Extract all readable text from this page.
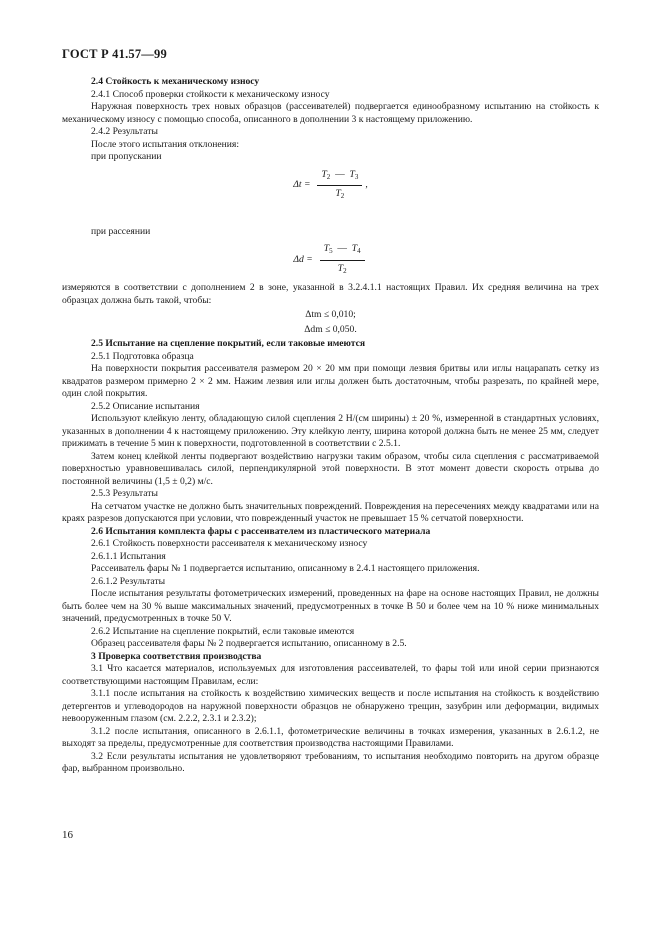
ГОСТ Р 41.57—99

2.4 Стойкость к механическому износу

2.4.1 Способ проверки стойкости к механическому износу

Наружная поверхность трех новых образцов (рассеивателей) подвергается единообразному испытанию на стойкость к механическому износу с помощью способа, описанного в дополнении 3 к настоящему приложению.

2.4.2 Результаты

После этого испытания отклонения:

при пропускании

$\Delta t = \frac{T_2 — T_3}{T_2}$ ,

при рассеянии

$\Delta d = \frac{T_5 — T_4}{T_2}$

измеряются в соответствии с дополнением 2 в зоне, указанной в 3.2.4.1.1 настоящих Правил. Их средняя величина на трех образцах должна быть такой, чтобы:

Δtm ≤ 0,010;
Δdm ≤ 0,050.

2.5 Испытание на сцепление покрытий, если таковые имеются

2.5.1 Подготовка образца

На поверхности покрытия рассеивателя размером 20 × 20 мм при помощи лезвия бритвы или иглы нацарапать сетку из квадратов размером примерно 2 × 2 мм. Нажим лезвия или иглы должен быть достаточным, чтобы разрезать, по крайней мере, один слой покрытия.

2.5.2 Описание испытания

Используют клейкую ленту, обладающую силой сцепления 2 Н/(см ширины) ± 20 %, измеренной в стандартных условиях, указанных в дополнении 4 к настоящему приложению. Эту клейкую ленту, ширина которой должна быть не менее 25 мм, следует прижимать в течение 5 мин к поверхности, подготовленной в соответствии с 2.5.1.

Затем конец клейкой ленты подвергают воздействию нагрузки таким образом, чтобы сила сцепления с рассматриваемой поверхностью уравновешивалась силой, перпендикулярной этой поверхности. В этот момент довести скорость отрыва до постоянной величины (1,5 ± 0,2) м/с.

2.5.3 Результаты

На сетчатом участке не должно быть значительных повреждений. Повреждения на пересечениях между квадратами или на краях разрезов допускаются при условии, что поврежденный участок не превышает 15 % сетчатой поверхности.

2.6 Испытания комплекта фары с рассеивателем из пластического материала

2.6.1 Стойкость поверхности рассеивателя к механическому износу

2.6.1.1 Испытания

Рассеиватель фары № 1 подвергается испытанию, описанному в 2.4.1 настоящего приложения.

2.6.1.2 Результаты

После испытания результаты фотометрических измерений, проведенных на фаре на основе настоящих Правил, не должны быть более чем на 30 % выше максимальных значений, предусмотренных в точке B 50 и более чем на 10 % ниже минимальных значений, предусмотренных в точке 50 V.

2.6.2 Испытание на сцепление покрытий, если таковые имеются

Образец рассеивателя фары № 2 подвергается испытанию, описанному в 2.5.

3 Проверка соответствия производства

3.1 Что касается материалов, используемых для изготовления рассеивателей, то фары той или иной серии признаются соответствующими настоящим Правилам, если:

3.1.1 после испытания на стойкость к воздействию химических веществ и после испытания на стойкость к воздействию детергентов и углеводородов на наружной поверхности образцов не обнаружено трещин, зазубрин или деформации, видимых невооруженным глазом (см. 2.2.2, 2.3.1 и 2.3.2);

3.1.2 после испытания, описанного в 2.6.1.1, фотометрические величины в точках измерения, указанных в 2.6.1.2, не выходят за пределы, предусмотренные для соответствия производства настоящими Правилами.

3.2 Если результаты испытания не удовлетворяют требованиям, то испытания необходимо повторить на другом образце фар, выбранном произвольно.

16
